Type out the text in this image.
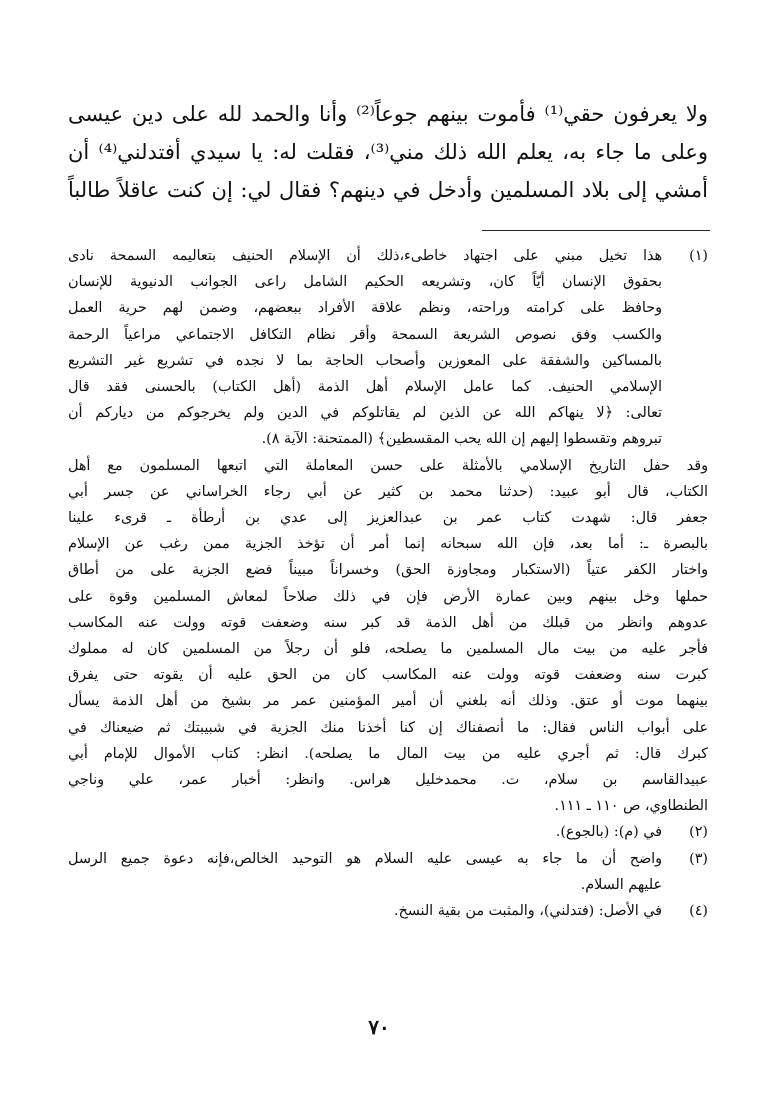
ولا يعرفون حقي⁽¹⁾ فأموت بينهم جوعاً⁽²⁾ وأنا والحمد لله على دين عيسى
وعلى ما جاء به، يعلم الله ذلك مني⁽³⁾، فقلت له: يا سيدي أفتدلني⁽⁴⁾ أن
أمشي إلى بلاد المسلمين وأدخل في دينهم؟ فقال لي: إن كنت عاقلاً طالباً
(١)
هذا تخيل مبني على اجتهاد خاطىء،ذلك أن الإسلام الحنيف بتعاليمه السمحة نادى
بحقوق الإنسان أيّاً كان، وتشريعه الحكيم الشامل راعى الجوانب الدنيوية للإنسان
وحافظ على كرامته وراحته، ونظم علاقة الأفراد ببعضهم، وضمن لهم حرية العمل
والكسب وفق نصوص الشريعة السمحة وأقر نظام التكافل الاجتماعي مراعياً الرحمة
بالمساكين والشفقة على المعوزين وأصحاب الحاجة بما لا نجده في تشريع غير التشريع
الإسلامي الحنيف. كما عامل الإسلام أهل الذمة (أهل الكتاب) بالحسنى فقد قال
تعالى: ﴿لا ينهاكم الله عن الذين لم يقاتلوكم في الدين ولم يخرجوكم من دياركم أن
تبروهم وتقسطوا إليهم إن الله يحب المقسطين﴾ (الممتحنة: الآية ٨).
وقد حفل التاريخ الإسلامي بالأمثلة على حسن المعاملة التي اتبعها المسلمون مع أهل
الكتاب، قال أبو عبيد: (حدثنا محمد بن كثير عن أبي رجاء الخراساني عن جسر أبي
جعفر قال: شهدت كتاب عمر بن عبدالعزيز إلى عدي بن أرطأة ـ قرىء علينا
بالبصرة ـ: أما بعد، فإن الله سبحانه إنما أمر أن تؤخذ الجزية ممن رغب عن الإسلام
واختار الكفر عتياً (الاستكبار ومجاوزة الحق) وخسراناً مبيناً فضع الجزية على من أطاق
حملها وخل بينهم وبين عمارة الأرض فإن في ذلك صلاحاً لمعاش المسلمين وقوة على
عدوهم وانظر من قبلك من أهل الذمة قد كبر سنه وضعفت قوته وولت عنه المكاسب
فأجر عليه من بيت مال المسلمين ما يصلحه، فلو أن رجلاً من المسلمين كان له مملوك
كبرت سنه وضعفت قوته وولت عنه المكاسب كان من الحق عليه أن يقوته حتى يفرق
بينهما موت أو عتق. وذلك أنه بلغني أن أمير المؤمنين عمر مر بشيخ من أهل الذمة يسأل
على أبواب الناس فقال: ما أنصفناك إن كنا أخذنا منك الجزية في شبيبتك ثم ضيعناك في
كبرك قال: ثم أجري عليه من بيت المال ما يصلحه). انظر: كتاب الأموال للإمام أبي
عبيدالقاسم بن سلام، ت. محمدخليل هراس. وانظر: أخبار عمر، علي وناجي
الطنطاوي، ص ١١٠ ـ ١١١.
(٢)
في (م): (بالجوع).
(٣)
واضح أن ما جاء به عيسى عليه السلام هو التوحيد الخالص،فإنه دعوة جميع الرسل
عليهم السلام.
(٤)
في الأصل: (فتدلني)، والمثبت من بقية النسخ.
٧٠
